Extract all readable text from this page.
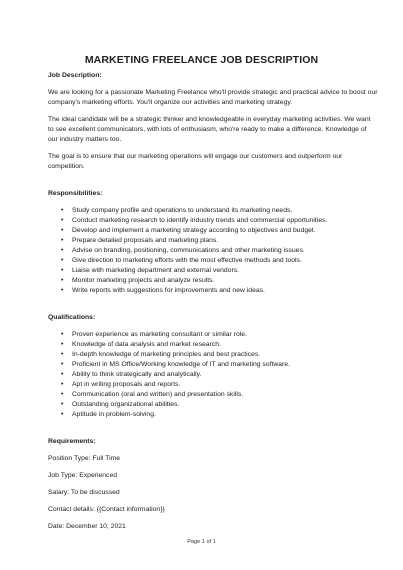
MARKETING FREELANCE JOB DESCRIPTION
Job Description:

We are looking for a passionate Marketing Freelance who'll provide strategic and practical advice to boost our company's marketing efforts. You'll organize our activities and marketing strategy.

The ideal candidate will be a strategic thinker and knowledgeable in everyday marketing activities. We want to see excellent communicators, with lots of enthusiasm, who're ready to make a difference. Knowledge of our industry matters too.

The goal is to ensure that our marketing operations will engage our customers and outperform our competition.

Responsibilities:
• Study company profile and operations to understand its marketing needs.
• Conduct marketing research to identify industry trends and commercial opportunities.
• Develop and implement a marketing strategy according to objectives and budget.
• Prepare detailed proposals and marketing plans.
• Advise on branding, positioning, communications and other marketing issues.
• Give direction to marketing efforts with the most effective methods and tools.
• Liaise with marketing department and external vendors.
• Monitor marketing projects and analyze results.
• Write reports with suggestions for improvements and new ideas.
Qualifications:
• Proven experience as marketing consultant or similar role.
• Knowledge of data analysis and market research.
• In-depth knowledge of marketing principles and best practices.
• Proficient in MS Office/Working knowledge of IT and marketing software.
• Ability to think strategically and analytically.
• Apt in writing proposals and reports.
• Communication (oral and written) and presentation skills.
• Outstanding organizational abilities.
• Aptitude in problem-solving.
Requirements:

Position Type: Full Time

Job Type: Experienced

Salary: To be discussed

Contact details: {{Contact information}}

Date: December 10, 2021

Page 1 of 1
